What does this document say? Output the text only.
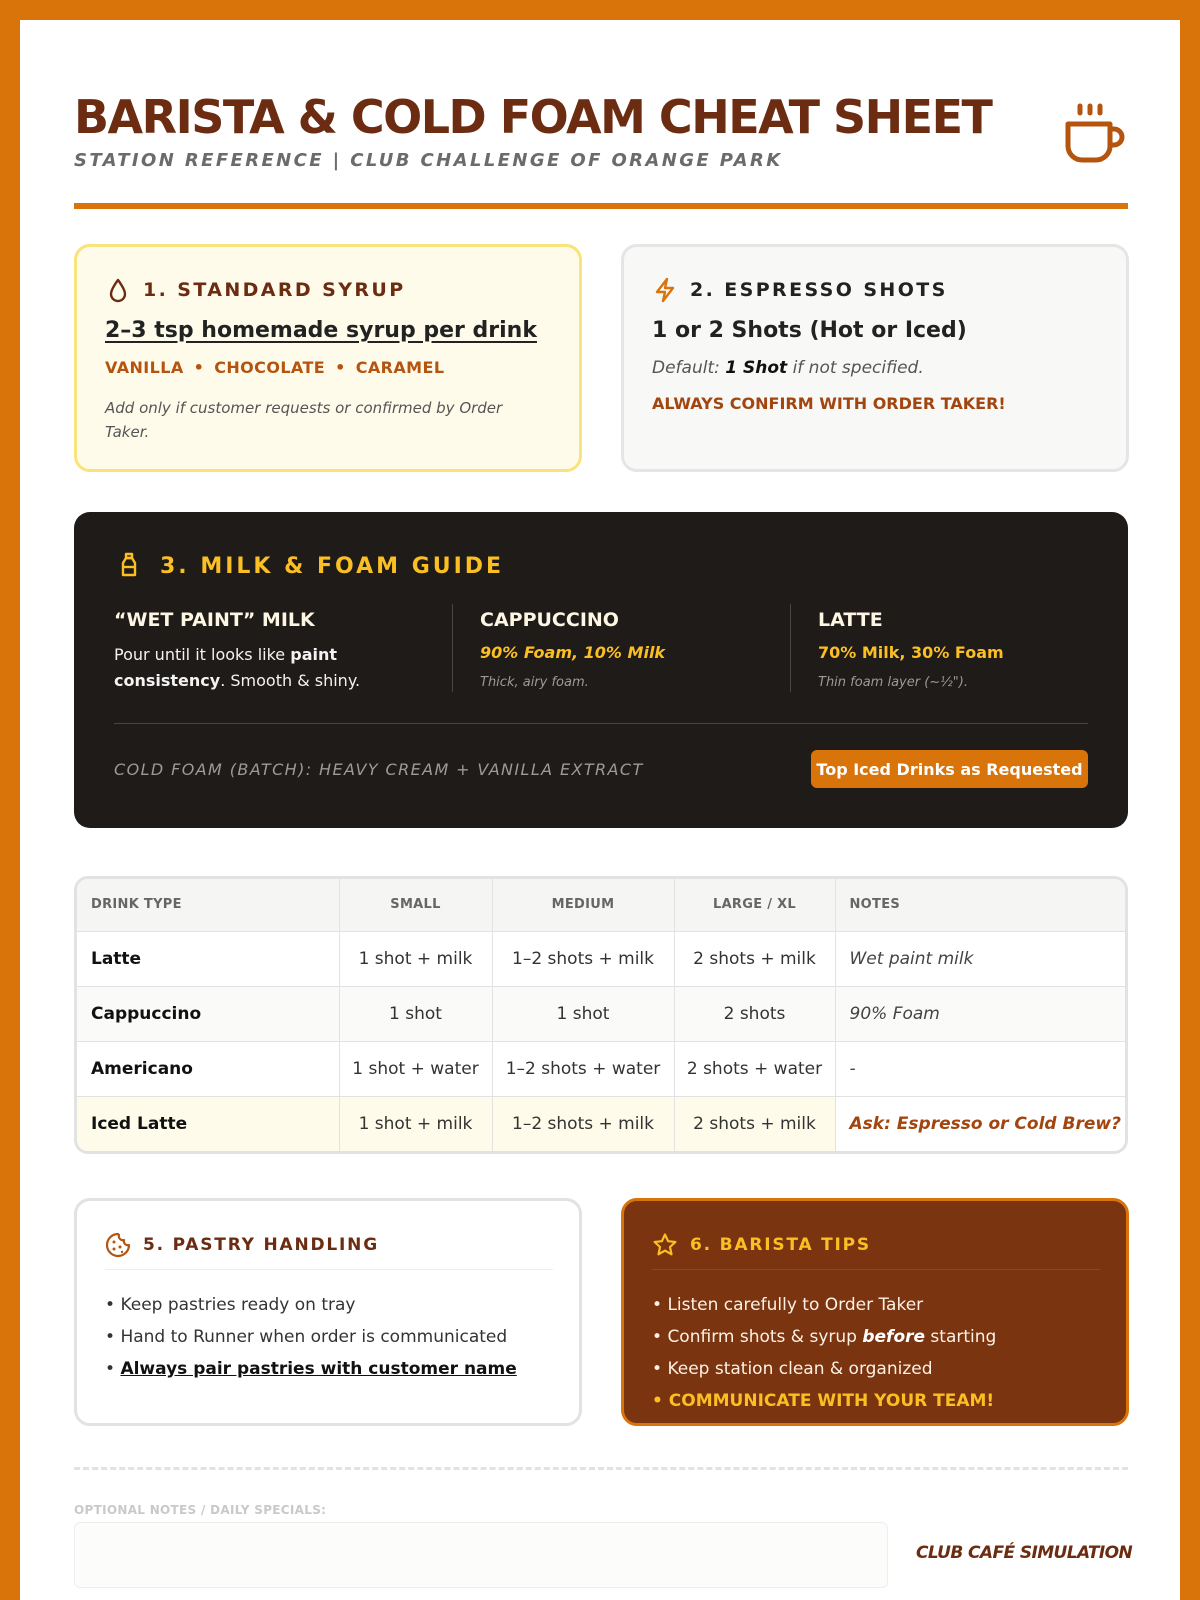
BARISTA & COLD FOAM CHEAT SHEET
STATION REFERENCE | CLUB CHALLENGE OF ORANGE PARK
1. STANDARD SYRUP
2–3 tsp homemade syrup per drink
VANILLA • CHOCOLATE • CARAMEL
Add only if customer requests or confirmed by Order Taker.
2. ESPRESSO SHOTS
1 or 2 Shots (Hot or Iced)
Default: 1 Shot if not specified.
ALWAYS CONFIRM WITH ORDER TAKER!
3. MILK & FOAM GUIDE
“WET PAINT” MILK
Pour until it looks like paint consistency. Smooth & shiny.
CAPPUCCINO
90% Foam, 10% Milk
Thick, airy foam.
LATTE
70% Milk, 30% Foam
Thin foam layer (~½").
COLD FOAM (BATCH): HEAVY CREAM + VANILLA EXTRACT	Top Iced Drinks as Requested
DRINK TYPE	SMALL	MEDIUM	LARGE / XL	NOTES
Latte	1 shot + milk	1–2 shots + milk	2 shots + milk	Wet paint milk
Cappuccino	1 shot	1 shot	2 shots	90% Foam
Americano	1 shot + water	1–2 shots + water	2 shots + water	-
Iced Latte	1 shot + milk	1–2 shots + milk	2 shots + milk	Ask: Espresso or Cold Brew?
5. PASTRY HANDLING
• Keep pastries ready on tray
• Hand to Runner when order is communicated
• Always pair pastries with customer name
6. BARISTA TIPS
• Listen carefully to Order Taker
• Confirm shots & syrup before starting
• Keep station clean & organized
• COMMUNICATE WITH YOUR TEAM!
OPTIONAL NOTES / DAILY SPECIALS:
CLUB CAFÉ SIMULATION
